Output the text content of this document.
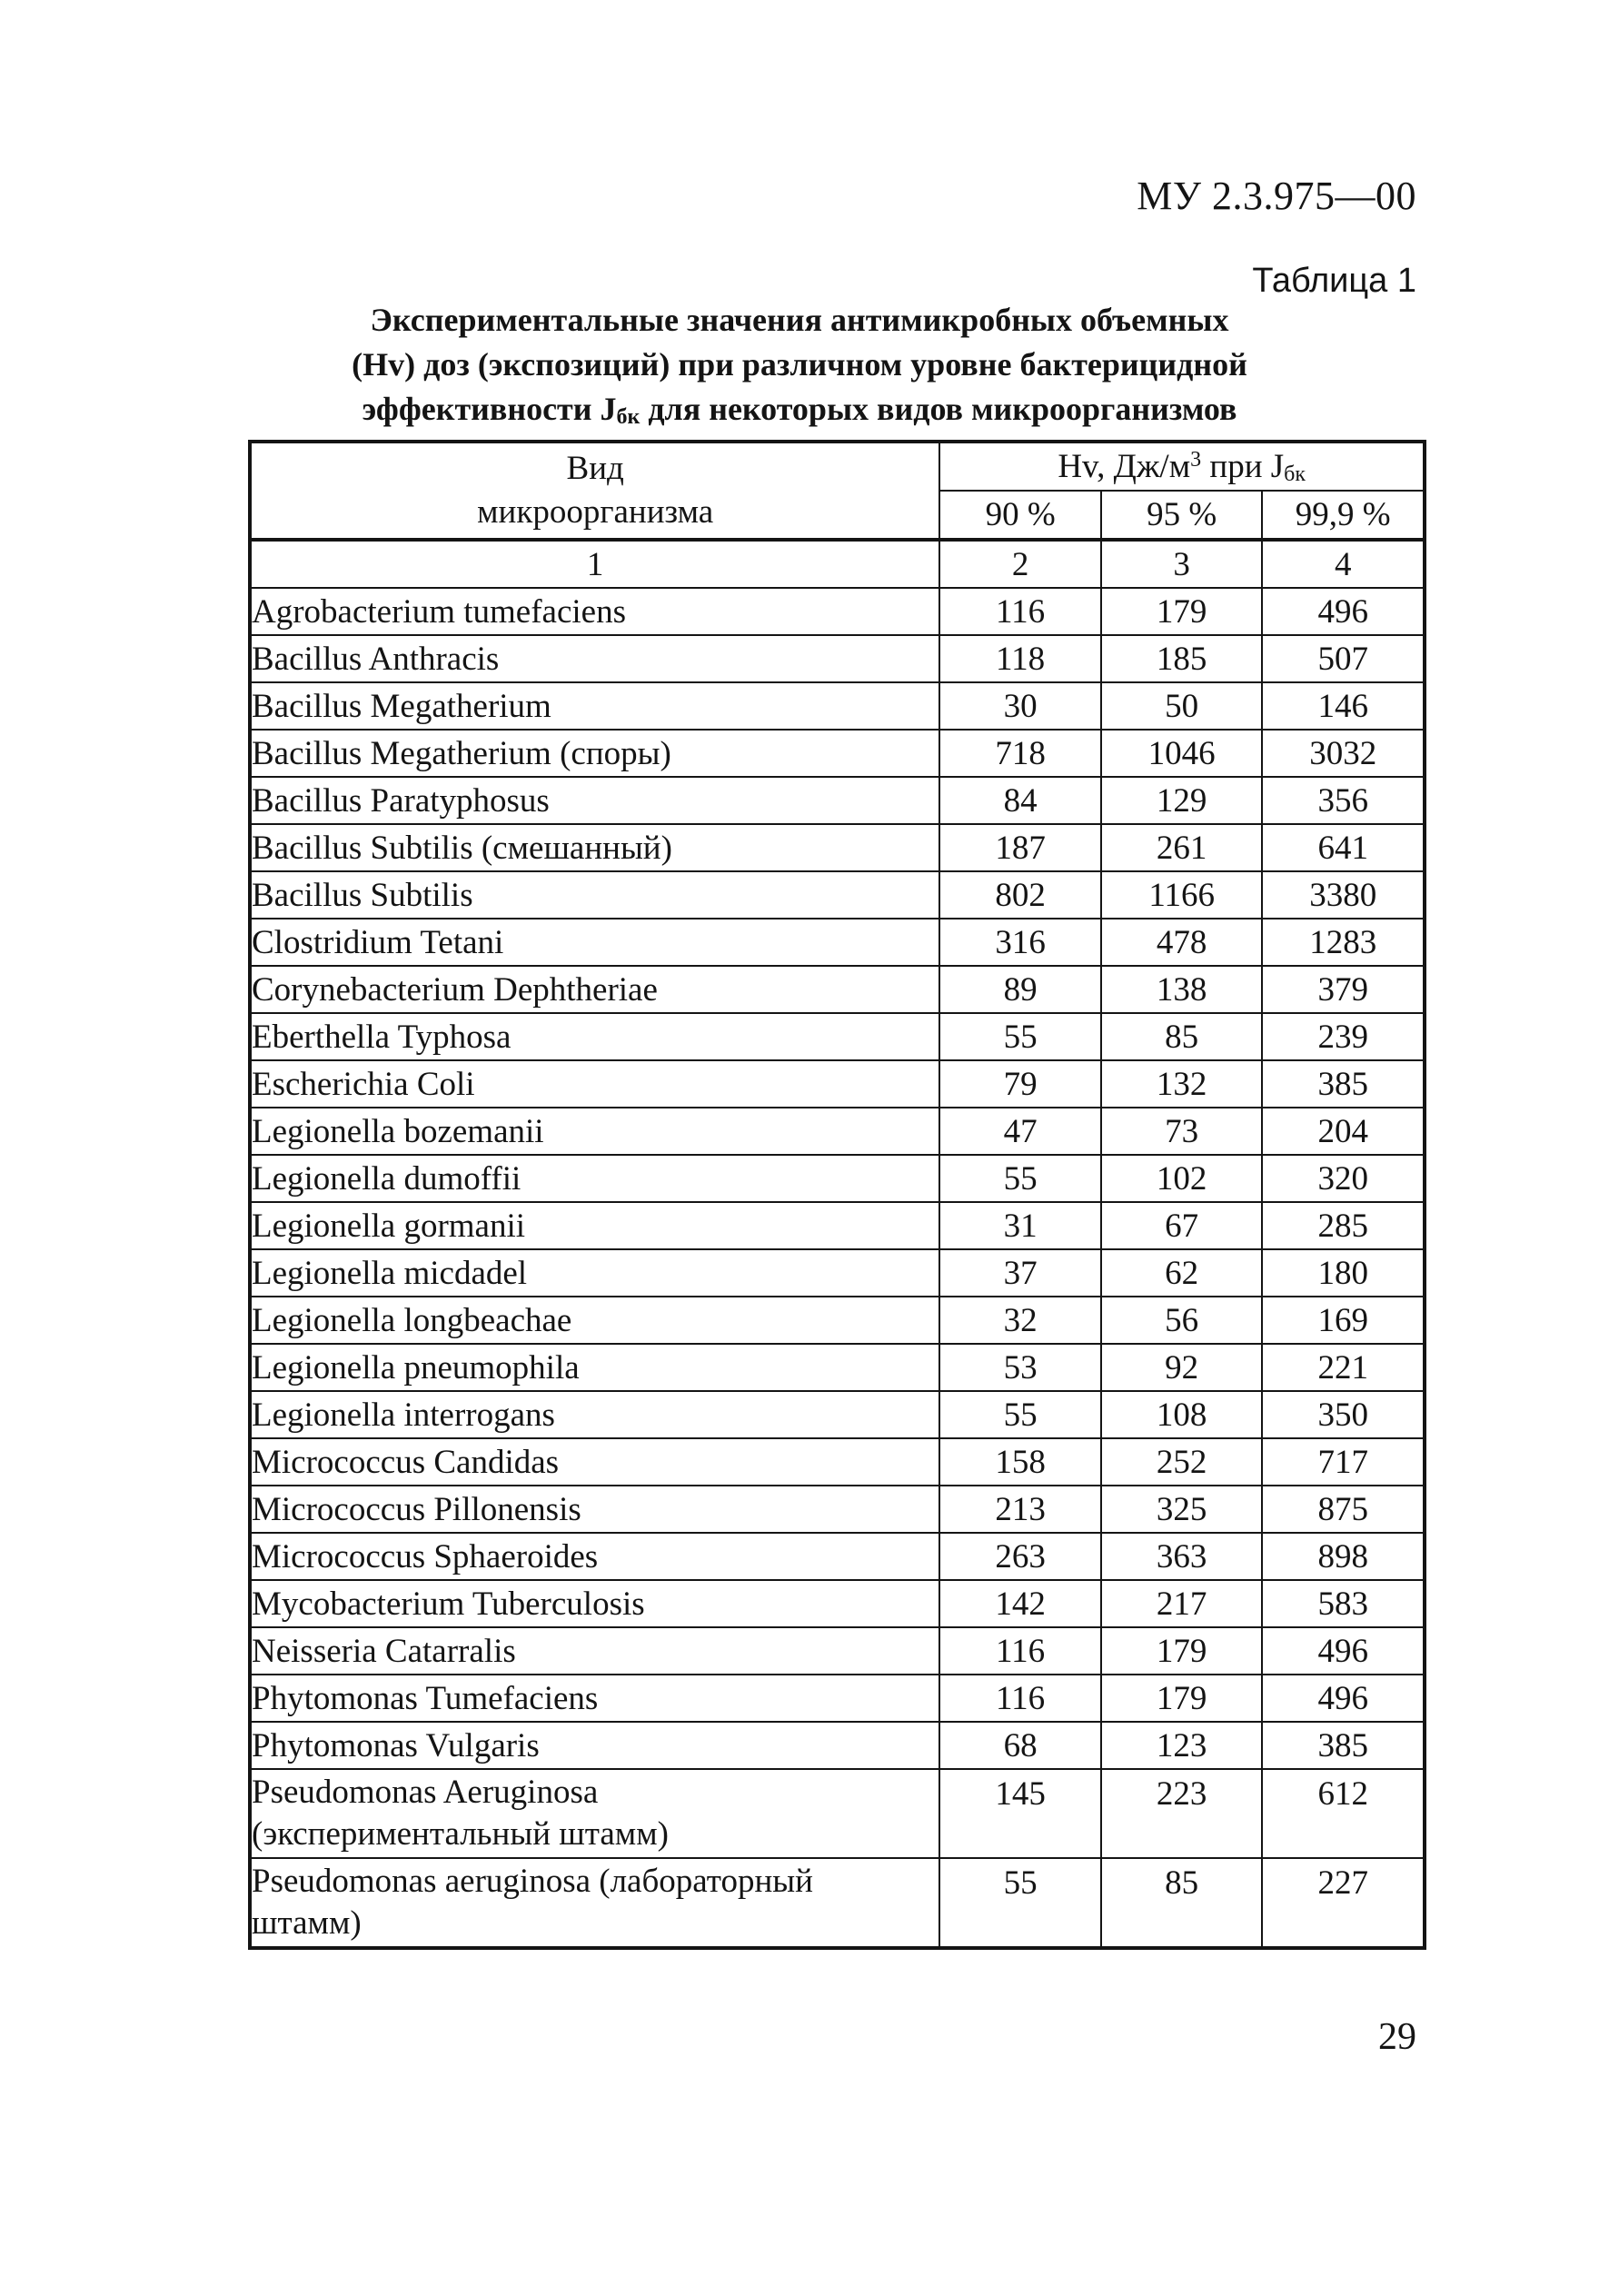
МУ 2.3.975—00
Таблица 1
Экспериментальные значения антимикробных объемных
(Hv) доз (экспозиций) при различном уровне бактерицидной
эффективности $J_{бк}$ для некоторых видов микроорганизмов
Вид
микроорганизма	Hv, $Дж/м^3$ при $J_{бк}$
	90 %	95 %	99,9 %
1	2	3	4
Agrobacterium tumefaciens	116	179	496
Bacillus Anthracis	118	185	507
Bacillus Megatherium	30	50	146
Bacillus Megatherium (споры)	718	1046	3032
Bacillus Paratyphosus	84	129	356
Bacillus Subtilis (смешанный)	187	261	641
Bacillus Subtilis	802	1166	3380
Clostridium Tetani	316	478	1283
Corynebacterium Dephtheriae	89	138	379
Eberthella Typhosa	55	85	239
Escherichia Coli	79	132	385
Legionella bozemanii	47	73	204
Legionella dumoffii	55	102	320
Legionella gormanii	31	67	285
Legionella micdadel	37	62	180
Legionella longbeachae	32	56	169
Legionella pneumophila	53	92	221
Legionella interrogans	55	108	350
Micrococcus Candidas	158	252	717
Micrococcus Pillonensis	213	325	875
Micrococcus Sphaeroides	263	363	898
Mycobacterium Tuberculosis	142	217	583
Neisseria Catarralis	116	179	496
Phytomonas Tumefaciens	116	179	496
Phytomonas Vulgaris	68	123	385

Pseudomonas Aeruginosa
(экспериментальный штамм)	145	223	612

Pseudomonas aeruginosa (лабораторный
штамм)	55	85	227
29
